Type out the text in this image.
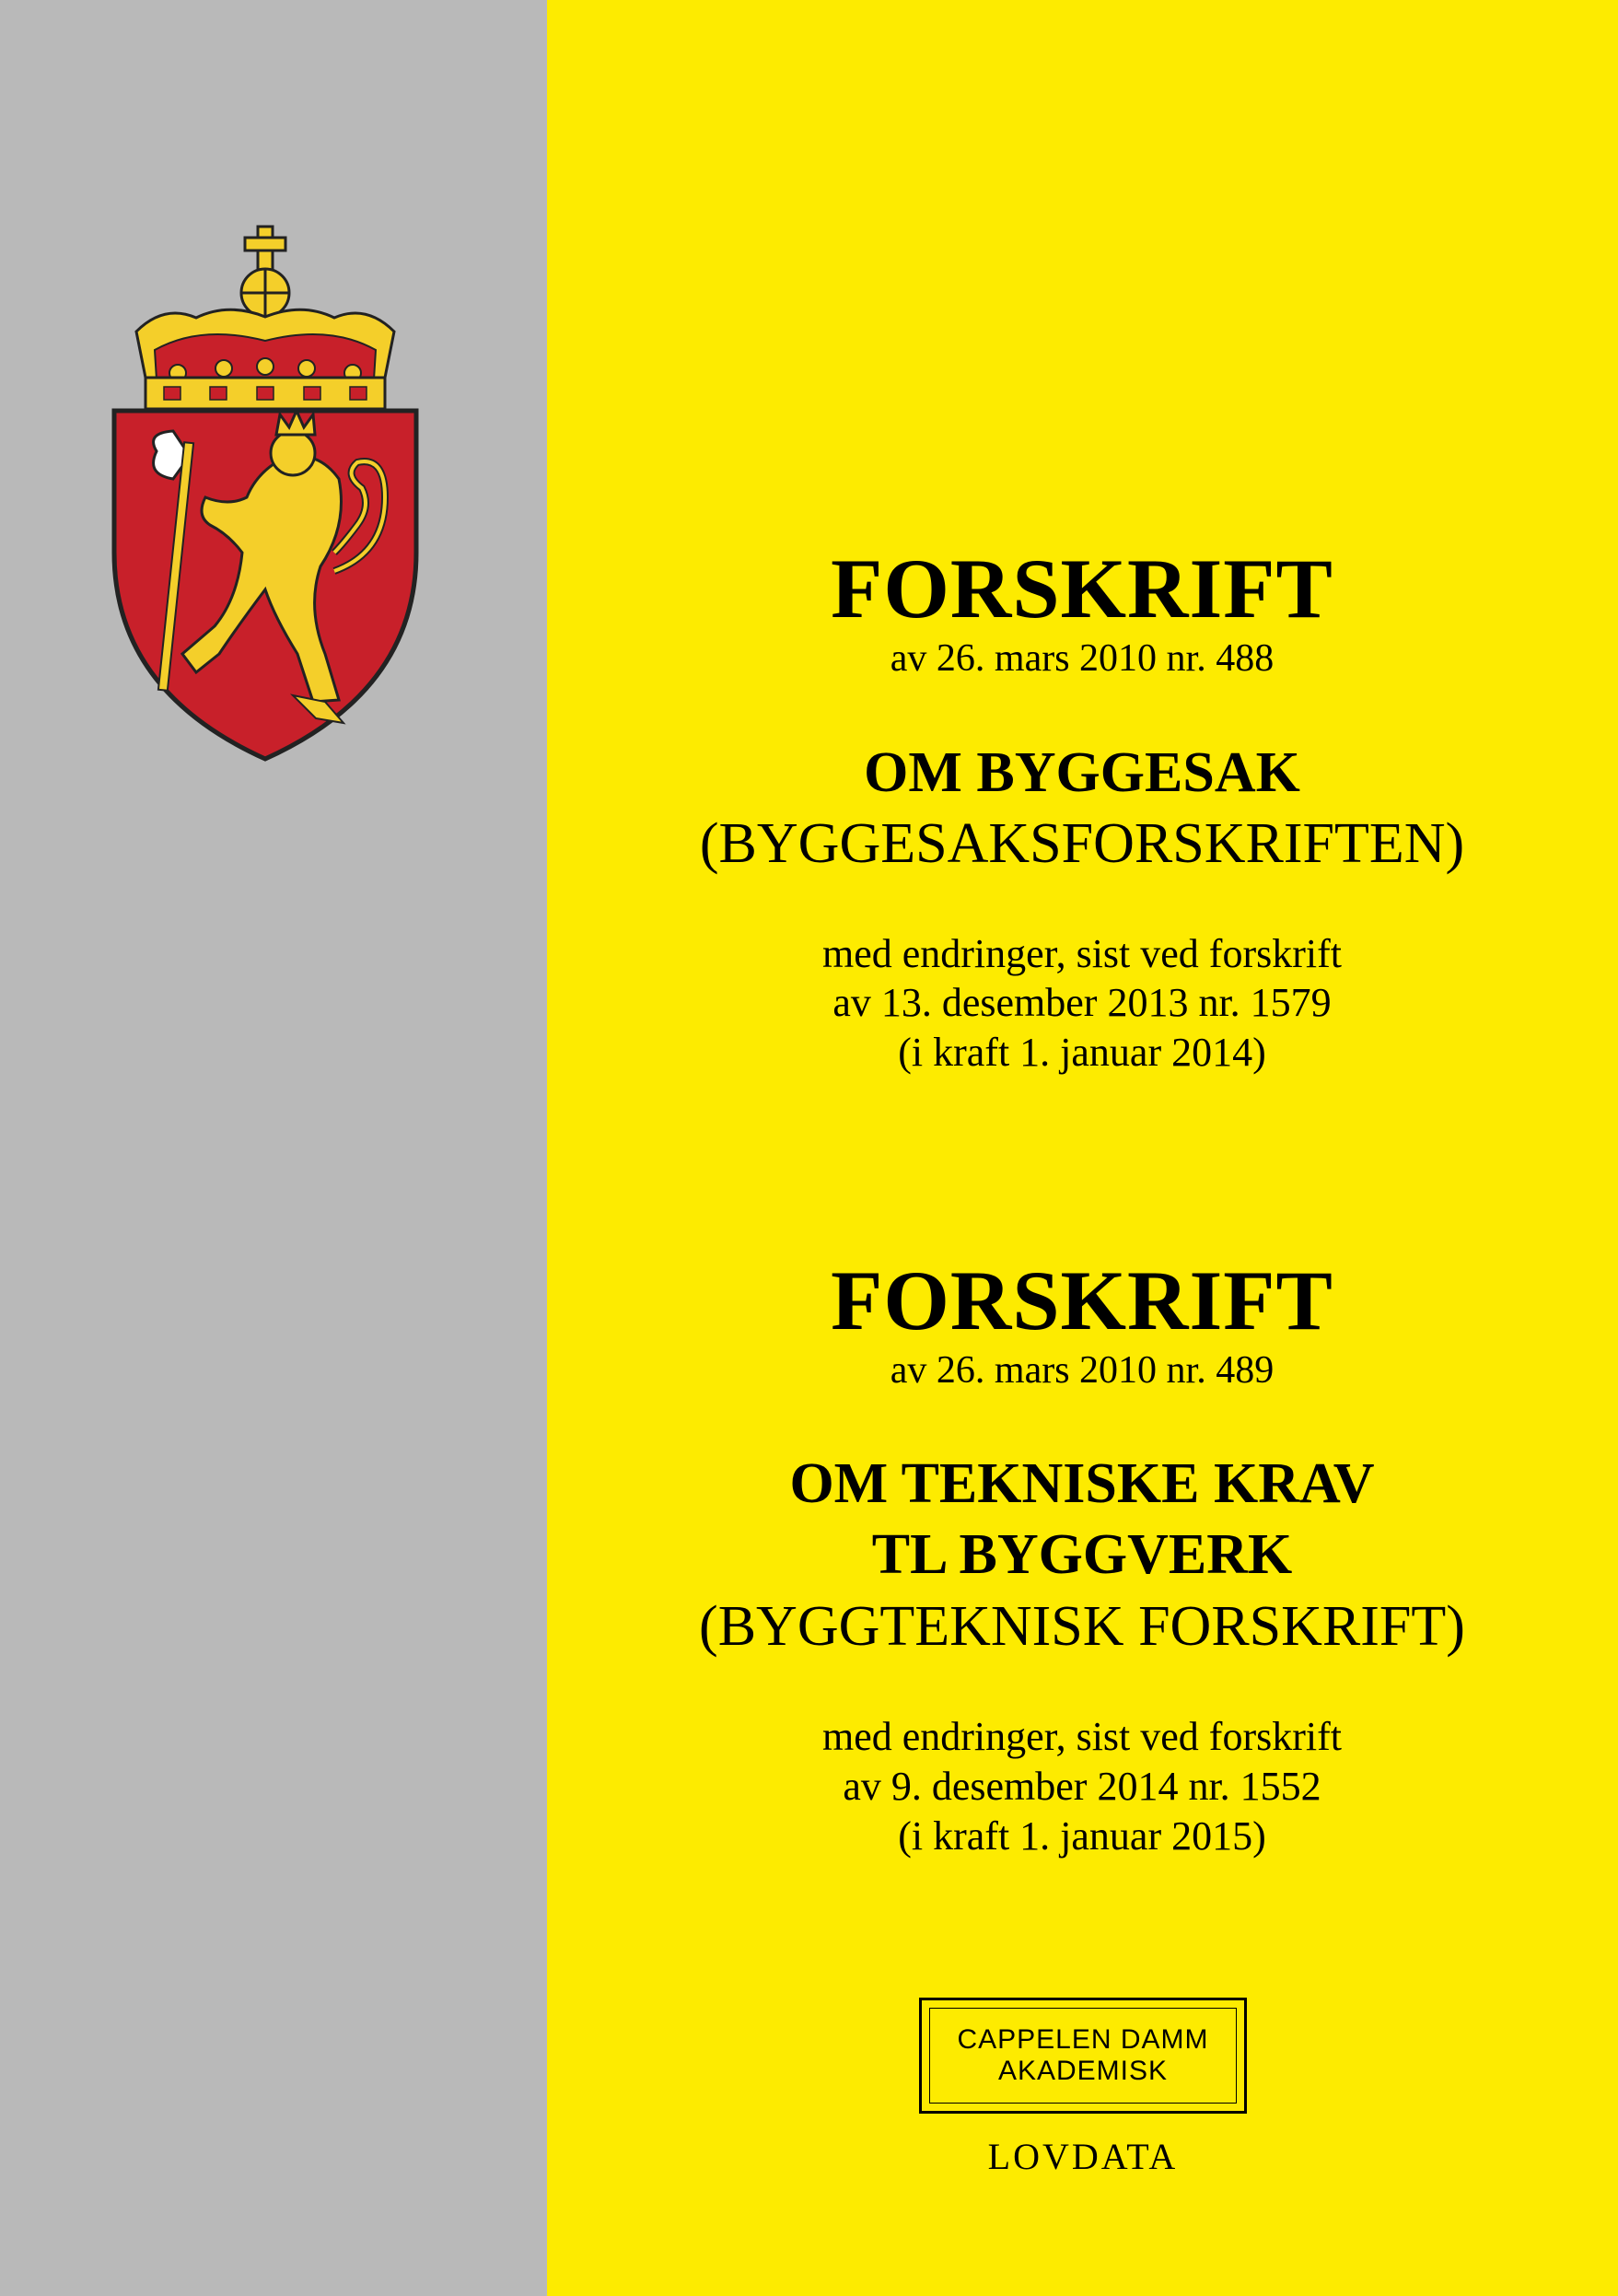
FORSKRIFT
av 26. mars 2010 nr. 488
OM BYGGESAK
(BYGGESAKSFORSKRIFTEN)
med endringer, sist ved forskrift
av 13. desember 2013 nr. 1579
(i kraft 1. januar 2014)
FORSKRIFT
av 26. mars 2010 nr. 489
OM TEKNISKE KRAV
TL BYGGVERK
(BYGGTEKNISK FORSKRIFT)
med endringer, sist ved forskrift
av 9. desember 2014 nr. 1552
(i kraft 1. januar 2015)
CAPPELEN DAMM
AKADEMISK
LOVDATA
